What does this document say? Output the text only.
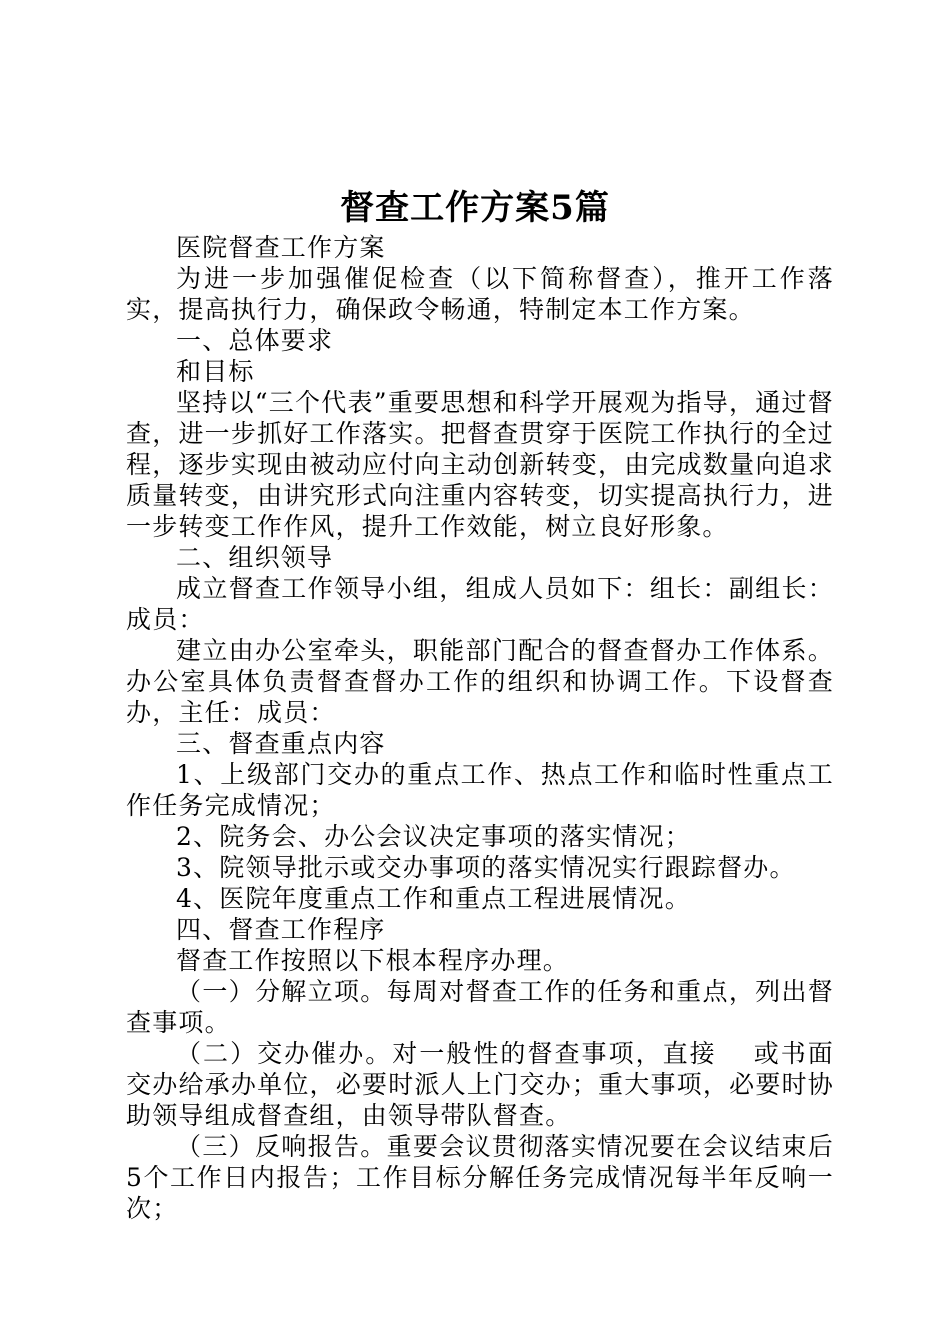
督查工作方案5篇

医院督查工作方案

为进一步加强催促检查（以下简称督查），推开工作落实，提高执行力，确保政令畅通，特制定本工作方案。

一、总体要求

和目标

坚持以“三个代表”重要思想和科学开展观为指导，通过督查，进一步抓好工作落实。把督查贯穿于医院工作执行的全过程，逐步实现由被动应付向主动创新转变，由完成数量向追求质量转变，由讲究形式向注重内容转变，切实提高执行力，进一步转变工作作风，提升工作效能，树立良好形象。

二、组织领导

成立督查工作领导小组，组成人员如下：组长：副组长：成员：

建立由办公室牵头，职能部门配合的督查督办工作体系。办公室具体负责督查督办工作的组织和协调工作。下设督查办，主任：成员：

三、督查重点内容

1、上级部门交办的重点工作、热点工作和临时性重点工作任务完成情况；

2、院务会、办公会议决定事项的落实情况；

3、院领导批示或交办事项的落实情况实行跟踪督办。

4、医院年度重点工作和重点工程进展情况。

四、督查工作程序

督查工作按照以下根本程序办理。

（一）分解立项。每周对督查工作的任务和重点，列出督查事项。

（二）交办催办。对一般性的督查事项，直接　 或书面交办给承办单位，必要时派人上门交办；重大事项，必要时协助领导组成督查组，由领导带队督查。

（三）反响报告。重要会议贯彻落实情况要在会议结束后5个工作日内报告；工作目标分解任务完成情况每半年反响一次；
